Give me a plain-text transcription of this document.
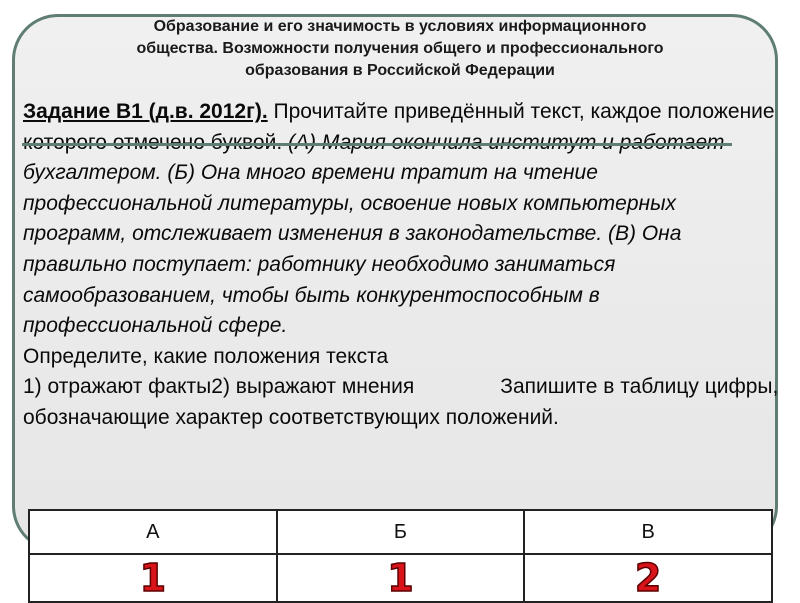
Образование и его значимость в условиях информационного
общества. Возможности получения общего и профессионального
образования в Российской Федерации
Задание В1 (д.в. 2012г). Прочитайте приведённый текст, каждое положение бухгалтером. (Б) Она много времени тратит на чтение профессиональной литературы, освоение новых компьютерных программ, отслеживает изменения в законодательстве. (В) Она правильно поступает: работнику необходимо заниматься самообразованием, чтобы быть конкурентоспособным в профессиональной сфере.
Определите, какие положения текста
1) отражают факты2) выражают мнения	Запишите в таблицу цифры, обозначающие характер соответствующих положений.
А	Б	В
1	1	2
